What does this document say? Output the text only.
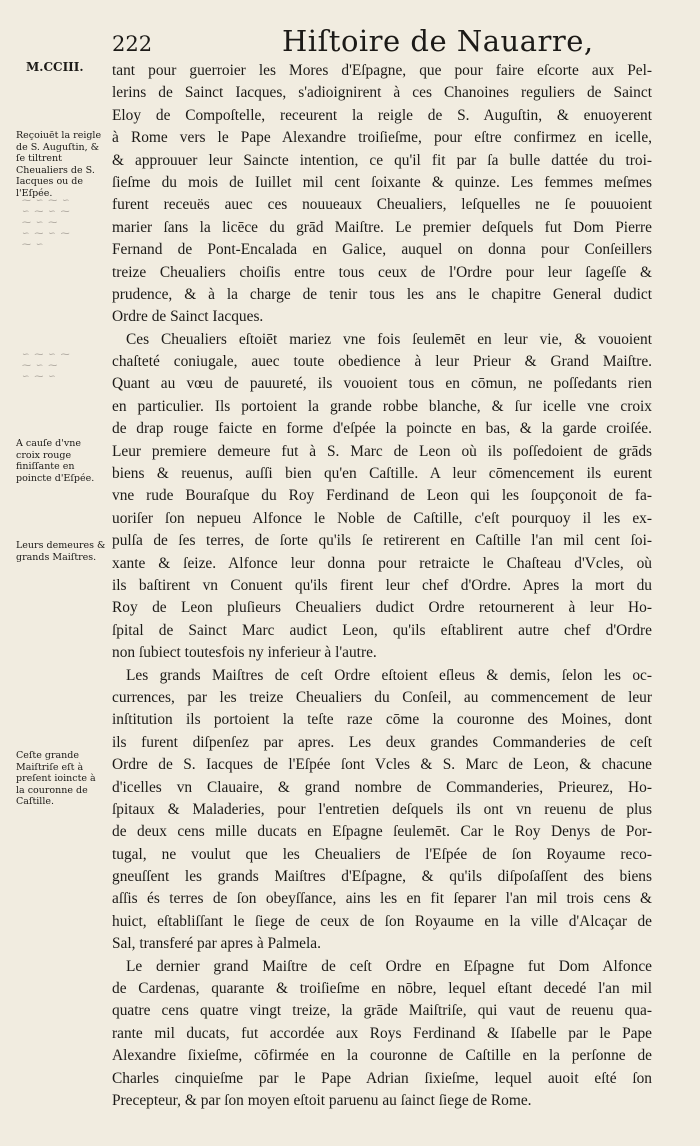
222	Hiſtoire de Nauarre,
M.CCIII.
Reçoiuēt la reigle de S. Auguſtin, & ſe tiltrent Cheualiers de S. Iacques ou de l'Eſpée.
A cauſe d'vne croix rouge finiſſante en poincte d'Eſpée.
Leurs demeures & grands Maiſtres.
Ceſte grande Maiſtriſe eſt à preſent ioincte à la couronne de Caſtille.
⁓ ∽ ⁓ ∽
∽ ⁓ ∽ ⁓
⁓ ∽ ⁓
∽ ⁓ ∽ ⁓
⁓ ∽
∽ ⁓ ∽ ⁓
⁓ ∽ ⁓
∽ ⁓ ∽
tant pour guerroier les Mores d'Eſpagne, que pour faire eſcorte aux Pel-
lerins de Sainct Iacques, s'adioignirent à ces Chanoines reguliers de Sainct
Eloy de Compoſtelle, receurent la reigle de S. Auguſtin, & enuoyerent
à Rome vers le Pape Alexandre troiſieſme, pour eſtre confirmez en icelle,
& approuuer leur Saincte intention, ce qu'il fit par ſa bulle dattée du troi-
ſieſme du mois de Iuillet mil cent ſoixante & quinze. Les femmes meſmes
furent receuës auec ces nouueaux Cheualiers, leſquelles ne ſe pouuoient
marier ſans la licēce du grād Maiſtre. Le premier deſquels fut Dom Pierre
Fernand de Pont-Encalada en Galice, auquel on donna pour Conſeillers
treize Cheualiers choiſis entre tous ceux de l'Ordre pour leur ſageſſe &
prudence, & à la charge de tenir tous les ans le chapitre General dudict
Ordre de Sainct Iacques.
Ces Cheualiers eſtoiēt mariez vne fois ſeulemēt en leur vie, & vouoient
chaſteté coniugale, auec toute obedience à leur Prieur & Grand Maiſtre.
Quant au vœu de pauureté, ils vouoient tous en cōmun, ne poſſedants rien
en particulier. Ils portoient la grande robbe blanche, & ſur icelle vne croix
de drap rouge faicte en forme d'eſpée la poincte en bas, & la garde croiſée.
Leur premiere demeure fut à S. Marc de Leon où ils poſſedoient de grāds
biens & reuenus, auſſi bien qu'en Caſtille. A leur cōmencement ils eurent
vne rude Bouraſque du Roy Ferdinand de Leon qui les ſoupçonoit de fa-
uoriſer ſon nepueu Alfonce le Noble de Caſtille, c'eſt pourquoy il les ex-
pulſa de ſes terres, de ſorte qu'ils ſe retirerent en Caſtille l'an mil cent ſoi-
xante & ſeize. Alfonce leur donna pour retraicte le Chaſteau d'Vcles, où
ils baſtirent vn Conuent qu'ils firent leur chef d'Ordre. Apres la mort du
Roy de Leon pluſieurs Cheualiers dudict Ordre retournerent à leur Ho-
ſpital de Sainct Marc audict Leon, qu'ils eſtablirent autre chef d'Ordre
non ſubiect toutesfois ny inferieur à l'autre.
Les grands Maiſtres de ceſt Ordre eſtoient eſleus & demis, ſelon les oc-
currences, par les treize Cheualiers du Conſeil, au commencement de leur
inſtitution ils portoient la teſte raze cōme la couronne des Moines, dont
ils furent diſpenſez par apres. Les deux grandes Commanderies de ceſt
Ordre de S. Iacques de l'Eſpée ſont Vcles & S. Marc de Leon, & chacune
d'icelles vn Clauaire, & grand nombre de Commanderies, Prieurez, Ho-
ſpitaux & Maladeries, pour l'entretien deſquels ils ont vn reuenu de plus
de deux cens mille ducats en Eſpagne ſeulemēt. Car le Roy Denys de Por-
tugal, ne voulut que les Cheualiers de l'Eſpée de ſon Royaume reco-
gneuſſent les grands Maiſtres d'Eſpagne, & qu'ils diſpoſaſſent des biens
aſſis és terres de ſon obeyſſance, ains les en fit ſeparer l'an mil trois cens &
huict, eſtabliſſant le ſiege de ceux de ſon Royaume en la ville d'Alcaçar de
Sal, transferé par apres à Palmela.
Le dernier grand Maiſtre de ceſt Ordre en Eſpagne fut Dom Alfonce
de Cardenas, quarante & troiſieſme en nōbre, lequel eſtant decedé l'an mil
quatre cens quatre vingt treize, la grāde Maiſtriſe, qui vaut de reuenu qua-
rante mil ducats, fut accordée aux Roys Ferdinand & Iſabelle par le Pape
Alexandre ſixieſme, cōfirmée en la couronne de Caſtille en la perſonne de
Charles cinquieſme par le Pape Adrian ſixieſme, lequel auoit eſté ſon
Precepteur, & par ſon moyen eſtoit paruenu au ſainct ſiege de Rome.
